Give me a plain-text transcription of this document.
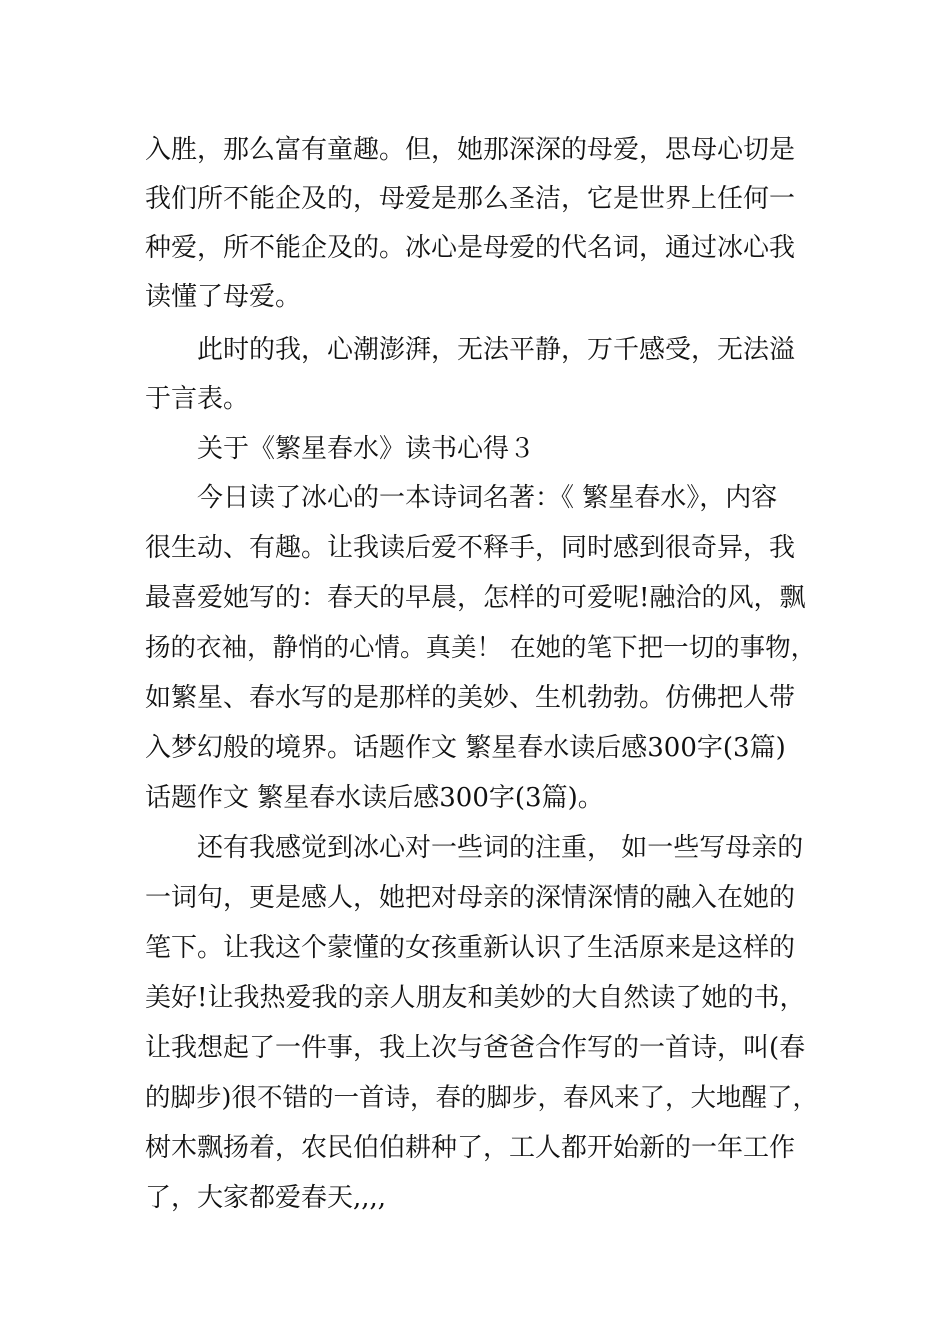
入胜，那么富有童趣。但，她那深深的母爱，思母心切是
我们所不能企及的，母爱是那么圣洁，它是世界上任何一
种爱，所不能企及的。冰心是母爱的代名词，通过冰心我
读懂了母爱。
此时的我，心潮澎湃，无法平静，万千感受，无法溢
于言表。
关于《繁星春水》读书心得３
今日读了冰心的一本诗词名著：《 繁星春水》，内容
很生动、有趣。让我读后爱不释手，同时感到很奇异，我
最喜爱她写的：春天的早晨，怎样的可爱呢!融洽的风，飘
扬的衣袖，静悄的心情。真美！ 在她的笔下把一切的事物，
如繁星、春水写的是那样的美妙、生机勃勃。仿佛把人带
入梦幻般的境界。话题作文 繁星春水读后感300字(3篇)
话题作文 繁星春水读后感300字(3篇)。
还有我感觉到冰心对一些词的注重， 如一些写母亲的
一词句，更是感人，她把对母亲的深情深情的融入在她的
笔下。让我这个蒙懂的女孩重新认识了生活原来是这样的
美好!让我热爱我的亲人朋友和美妙的大自然读了她的书，
让我想起了一件事，我上次与爸爸合作写的一首诗，叫(春
的脚步)很不错的一首诗，春的脚步，春风来了，大地醒了，
树木飘扬着，农民伯伯耕种了，工人都开始新的一年工作
了，大家都爱春天,,,,
